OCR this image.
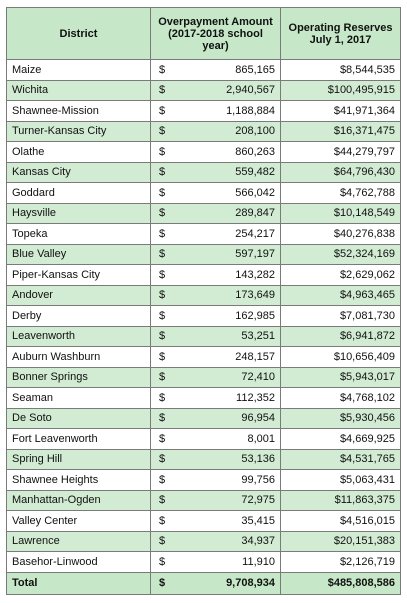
District	Overpayment Amount (2017-2018 school year)		Operating Reserves July 1, 2017
Maize	$	865,165	$8,544,535
Wichita	$	2,940,567	$100,495,915
Shawnee-Mission	$	1,188,884	$41,971,364
Turner-Kansas City	$	208,100	$16,371,475
Olathe	$	860,263	$44,279,797
Kansas City	$	559,482	$64,796,430
Goddard	$	566,042	$4,762,788
Haysville	$	289,847	$10,148,549
Topeka	$	254,217	$40,276,838
Blue Valley	$	597,197	$52,324,169
Piper-Kansas City	$	143,282	$2,629,062
Andover	$	173,649	$4,963,465
Derby	$	162,985	$7,081,730
Leavenworth	$	53,251	$6,941,872
Auburn Washburn	$	248,157	$10,656,409
Bonner Springs	$	72,410	$5,943,017
Seaman	$	112,352	$4,768,102
De Soto	$	96,954	$5,930,456
Fort Leavenworth	$	8,001	$4,669,925
Spring Hill	$	53,136	$4,531,765
Shawnee Heights	$	99,756	$5,063,431
Manhattan-Ogden	$	72,975	$11,863,375
Valley Center	$	35,415	$4,516,015
Lawrence	$	34,937	$20,151,383
Basehor-Linwood	$	11,910	$2,126,719
Total	$	9,708,934	$485,808,586
